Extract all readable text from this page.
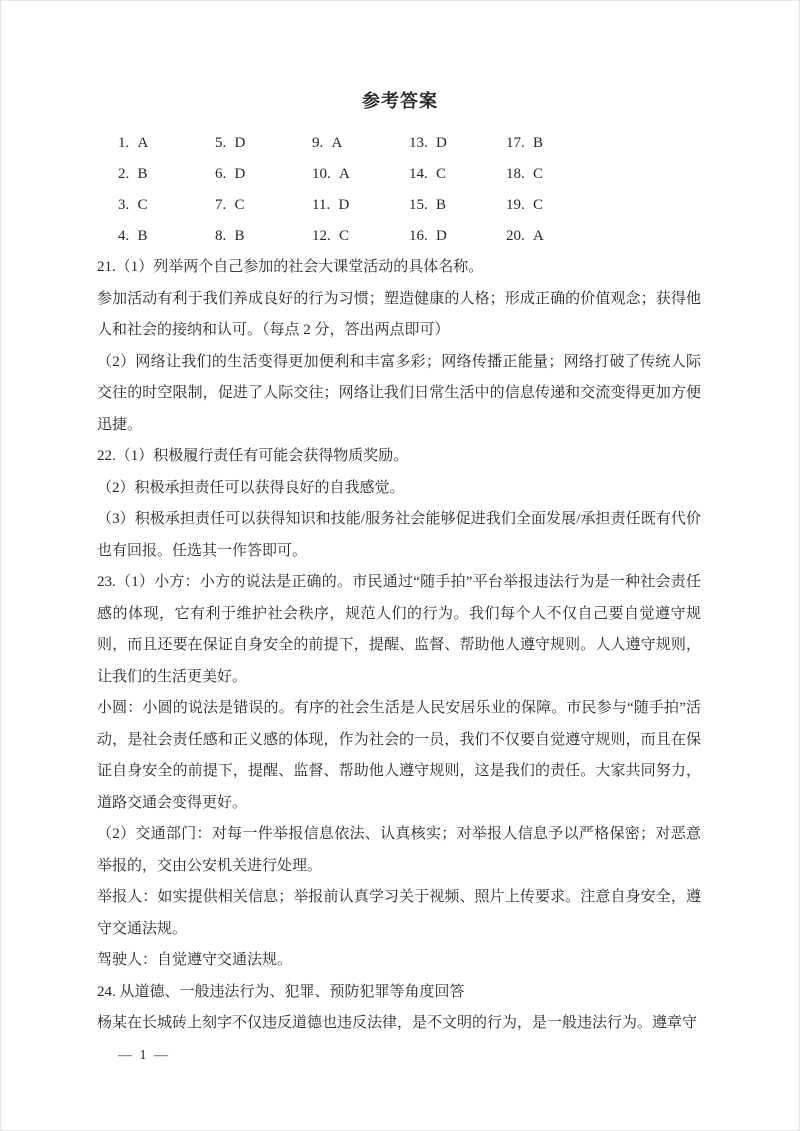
参考答案
1. A	5. D	9. A	13. D	17. B
2. B	6. D	10. A	14. C	18. C
3. C	7. C	11. D	15. B	19. C
4. B	8. B	12. C	16. D	20. A

21.（1）列举两个自己参加的社会大课堂活动的具体名称。

参加活动有利于我们养成良好的行为习惯；塑造健康的人格；形成正确的价值观念；获得他人和社会的接纳和认可。（每点 2 分，答出两点即可）

（2）网络让我们的生活变得更加便利和丰富多彩；网络传播正能量；网络打破了传统人际交往的时空限制，促进了人际交往；网络让我们日常生活中的信息传递和交流变得更加方便迅捷。

22.（1）积极履行责任有可能会获得物质奖励。

（2）积极承担责任可以获得良好的自我感觉。

（3）积极承担责任可以获得知识和技能/服务社会能够促进我们全面发展/承担责任既有代价也有回报。任选其一作答即可。

23.（1）小方：小方的说法是正确的。市民通过“随手拍”平台举报违法行为是一种社会责任感的体现，它有利于维护社会秩序，规范人们的行为。我们每个人不仅自己要自觉遵守规则，而且还要在保证自身安全的前提下，提醒、监督、帮助他人遵守规则。人人遵守规则，让我们的生活更美好。

小圆：小圆的说法是错误的。有序的社会生活是人民安居乐业的保障。市民参与“随手拍”活动，是社会责任感和正义感的体现，作为社会的一员，我们不仅要自觉遵守规则，而且在保证自身安全的前提下，提醒、监督、帮助他人遵守规则，这是我们的责任。大家共同努力，道路交通会变得更好。

（2）交通部门：对每一件举报信息依法、认真核实；对举报人信息予以严格保密；对恶意举报的，交由公安机关进行处理。

举报人：如实提供相关信息；举报前认真学习关于视频、照片上传要求。注意自身安全，遵守交通法规。

驾驶人：自觉遵守交通法规。

24. 从道德、一般违法行为、犯罪、预防犯罪等角度回答

杨某在长城砖上刻字不仅违反道德也违反法律，是不文明的行为，是一般违法行为。遵章守

— 1 —
